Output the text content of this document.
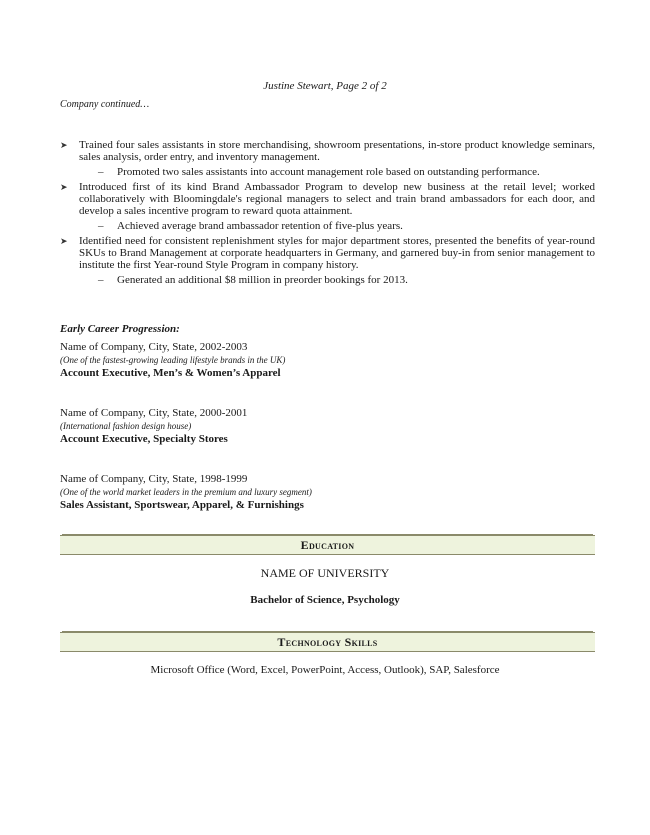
Justine Stewart, Page 2 of 2
Company continued…
➤ Trained four sales assistants in store merchandising, showroom presentations, in-store product knowledge seminars, sales analysis, order entry, and inventory management.
– Promoted two sales assistants into account management role based on outstanding performance.
➤ Introduced first of its kind Brand Ambassador Program to develop new business at the retail level; worked collaboratively with Bloomingdale's regional managers to select and train brand ambassadors for each door, and develop a sales incentive program to reward quota attainment.
– Achieved average brand ambassador retention of five-plus years.
➤ Identified need for consistent replenishment styles for major department stores, presented the benefits of year-round SKUs to Brand Management at corporate headquarters in Germany, and garnered buy-in from senior management to institute the first Year-round Style Program in company history.
– Generated an additional $8 million in preorder bookings for 2013.
Early Career Progression:
Name of Company, City, State, 2002-2003
(One of the fastest-growing leading lifestyle brands in the UK)
Account Executive, Men’s & Women’s Apparel
Name of Company, City, State, 2000-2001
(International fashion design house)
Account Executive, Specialty Stores
Name of Company, City, State, 1998-1999
(One of the world market leaders in the premium and luxury segment)
Sales Assistant, Sportswear, Apparel, & Furnishings
Education
NAME OF UNIVERSITY
Bachelor of Science, Psychology
Technology Skills
Microsoft Office (Word, Excel, PowerPoint, Access, Outlook), SAP, Salesforce
